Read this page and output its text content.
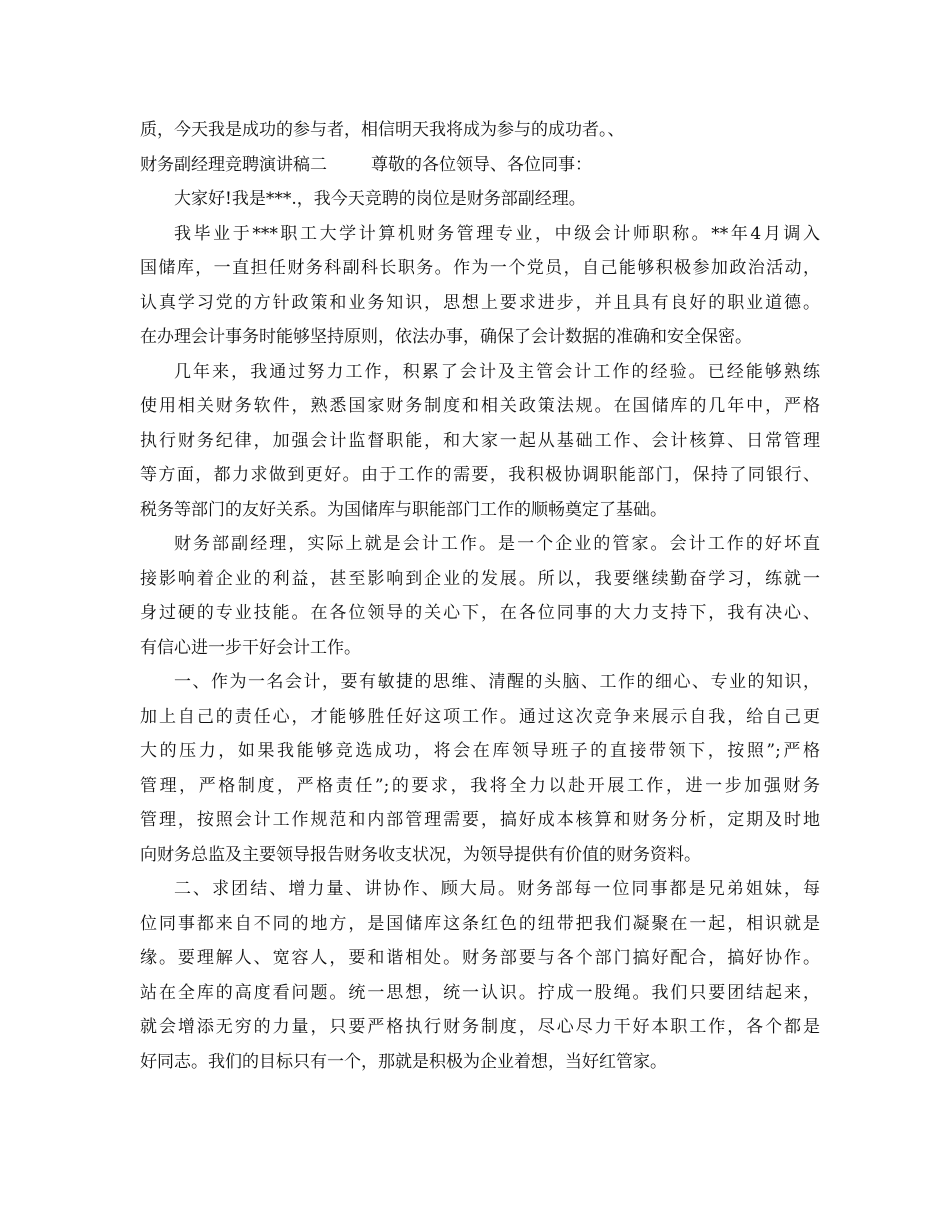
质，今天我是成功的参与者，相信明天我将成为参与的成功者。、
财务副经理竞聘演讲稿二	尊敬的各位领导、各位同事：
大家好!我是***.，我今天竞聘的岗位是财务部副经理。
我毕业于***职工大学计算机财务管理专业，中级会计师职称。**年4月调入
国储库，一直担任财务科副科长职务。作为一个党员，自己能够积极参加政治活动，
认真学习党的方针政策和业务知识，思想上要求进步，并且具有良好的职业道德。
在办理会计事务时能够坚持原则，依法办事，确保了会计数据的准确和安全保密。
几年来，我通过努力工作，积累了会计及主管会计工作的经验。已经能够熟练
使用相关财务软件，熟悉国家财务制度和相关政策法规。在国储库的几年中，严格
执行财务纪律，加强会计监督职能，和大家一起从基础工作、会计核算、日常管理
等方面，都力求做到更好。由于工作的需要，我积极协调职能部门，保持了同银行、
税务等部门的友好关系。为国储库与职能部门工作的顺畅奠定了基础。
财务部副经理，实际上就是会计工作。是一个企业的管家。会计工作的好坏直
接影响着企业的利益，甚至影响到企业的发展。所以，我要继续勤奋学习，练就一
身过硬的专业技能。在各位领导的关心下，在各位同事的大力支持下，我有决心、
有信心进一步干好会计工作。
一、作为一名会计，要有敏捷的思维、清醒的头脑、工作的细心、专业的知识，
加上自己的责任心，才能够胜任好这项工作。通过这次竞争来展示自我，给自己更
大的压力，如果我能够竞选成功，将会在库领导班子的直接带领下，按照”;严格
管理，严格制度，严格责任”;的要求，我将全力以赴开展工作，进一步加强财务
管理，按照会计工作规范和内部管理需要，搞好成本核算和财务分析，定期及时地
向财务总监及主要领导报告财务收支状况，为领导提供有价值的财务资料。
二、求团结、增力量、讲协作、顾大局。财务部每一位同事都是兄弟姐妹，每
位同事都来自不同的地方，是国储库这条红色的纽带把我们凝聚在一起，相识就是
缘。要理解人、宽容人，要和谐相处。财务部要与各个部门搞好配合，搞好协作。
站在全库的高度看问题。统一思想，统一认识。拧成一股绳。我们只要团结起来，
就会增添无穷的力量，只要严格执行财务制度，尽心尽力干好本职工作，各个都是
好同志。我们的目标只有一个，那就是积极为企业着想，当好红管家。
